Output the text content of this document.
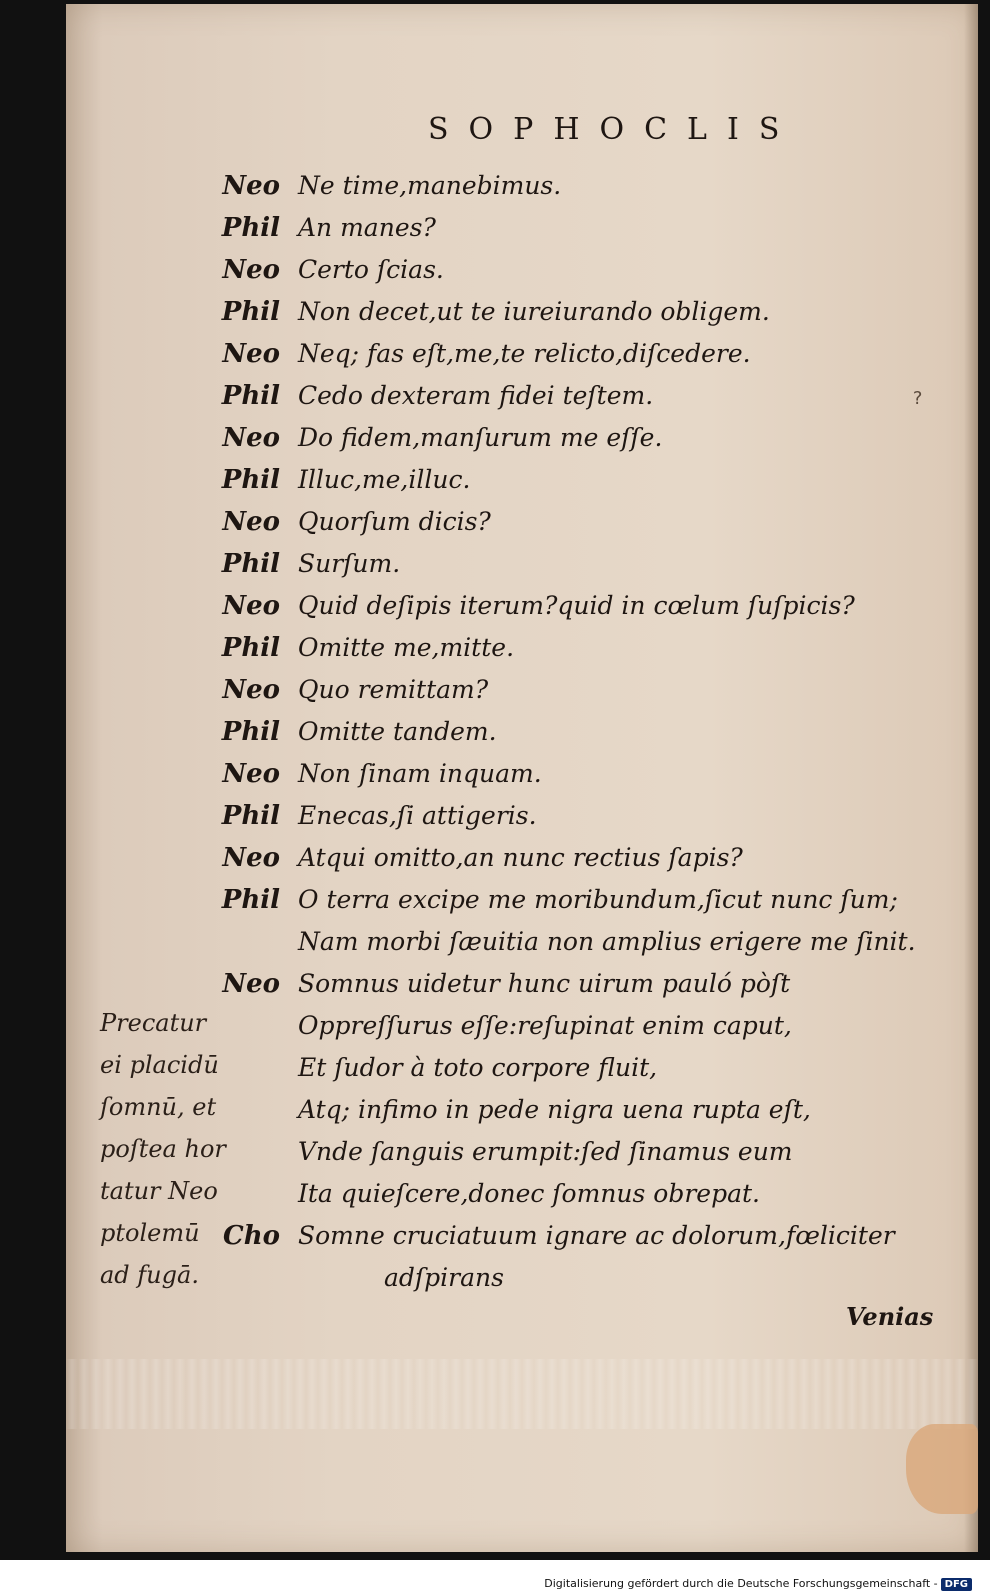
SOPHOCLIS
Neo Ne time,manebimus.
Phil An manes?
Neo Certo ſcias.
Phil Non decet,ut te iureiurando obligem.
Neo Neq; fas eſt,me,te relicto,diſcedere.
Phil Cedo dexteram fidei teſtem.
Neo Do fidem,manſurum me eſſe.
Phil Illuc,me,illuc.
Neo Quorſum dicis?
Phil Surſum.
Neo Quid deſipis iterum?quid in cœlum ſuſpicis?
Phil Omitte me,mitte.
Neo Quo remittam?
Phil Omitte tandem.
Neo Non ſinam inquam.
Phil Enecas,ſi attigeris.
Neo Atqui omitto,an nunc rectius ſapis?
Phil O terra excipe me moribundum,ſicut nunc ſum;
Nam morbi ſæuitia non amplius erigere me ſinit.
Neo Somnus uidetur hunc uirum pauló pòſt
Oppreſſurus eſſe:reſupinat enim caput,
Et ſudor à toto corpore fluit,
Atq; infimo in pede nigra uena rupta eſt,
Vnde ſanguis erumpit:ſed ſinamus eum
Ita quieſcere,donec ſomnus obrepat.
Cho Somne cruciatuum ignare ac dolorum,fœliciter
adſpirans
Precatur
ei placidū
ſomnū, et
poſtea hor
tatur Neo
ptolemū
ad fugā.
?
Venias
Digitalisierung gefördert durch die Deutsche Forschungsgemeinschaft - DFG
